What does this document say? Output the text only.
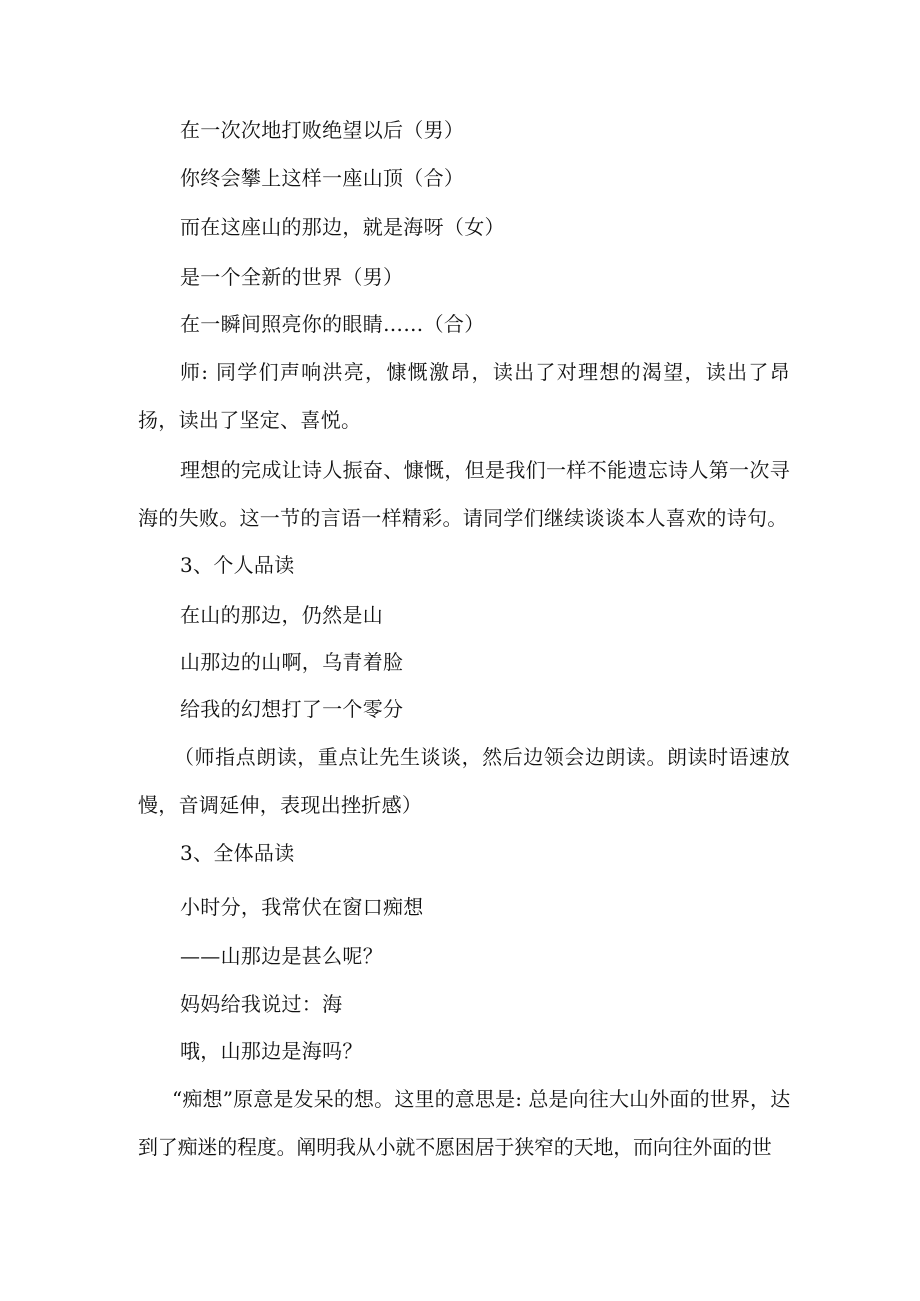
在一次次地打败绝望以后（男）
你终会攀上这样一座山顶（合）
而在这座山的那边，就是海呀（女）
是一个全新的世界（男）
在一瞬间照亮你的眼睛……（合）
师: 同学们声响洪亮，慷慨激昂，读出了对理想的渴望，读出了昂扬，读出了坚定、喜悦。
理想的完成让诗人振奋、慷慨，但是我们一样不能遗忘诗人第一次寻海的失败。这一节的言语一样精彩。请同学们继续谈谈本人喜欢的诗句。
3、个人品读
在山的那边，仍然是山
山那边的山啊，乌青着脸
给我的幻想打了一个零分
（师指点朗读，重点让先生谈谈，然后边领会边朗读。朗读时语速放慢，音调延伸，表现出挫折感）
3、全体品读
小时分，我常伏在窗口痴想
——山那边是甚么呢？
妈妈给我说过：海
哦，山那边是海吗？
“痴想”原意是发呆的想。这里的意思是: 总是向往大山外面的世界，达到了痴迷的程度。阐明我从小就不愿困居于狭窄的天地，而向往外面的世
